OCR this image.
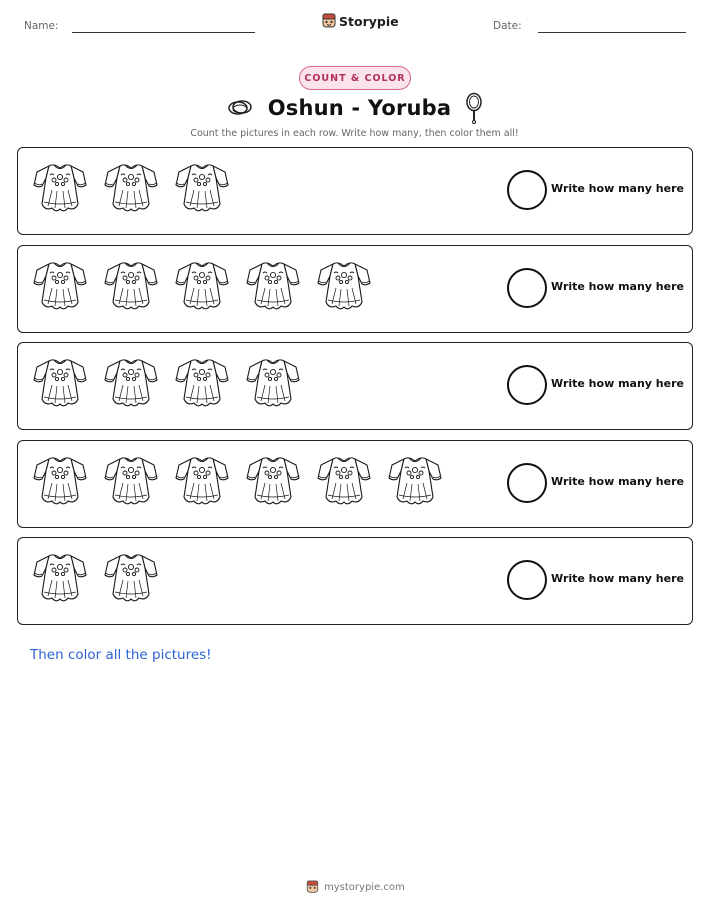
Name:	Storypie	Date:
COUNT & COLOR
Oshun - Yoruba
Count the pictures in each row. Write how many, then color them all!
Write how many here
Write how many here
Write how many here
Write how many here
Write how many here
Then color all the pictures!
mystorypie.com
